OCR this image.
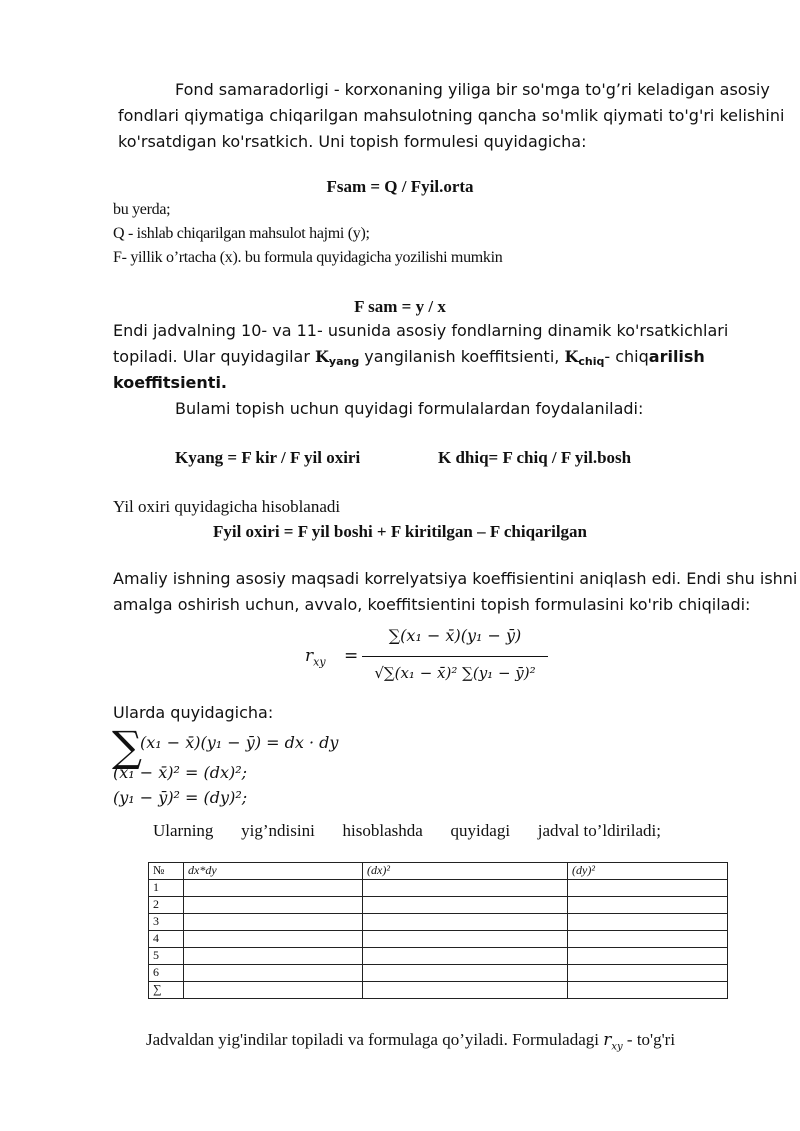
Fond samaradorligi - korxonaning yiliga bir so'mga to'g’ri keladigan asosiy
fondlari qiymatiga chiqarilgan mahsulotning qancha so'mlik qiymati to'g'ri kelishini
ko'rsatdigan ko'rsatkich. Uni topish formulesi quyidagicha:
Fsam = Q / Fyil.orta
bu yerda;
Q - ishlab chiqarilgan mahsulot hajmi (y);
F- yillik o’rtacha (x). bu formula quyidagicha yozilishi mumkin
F sam = y / x
Endi jadvalning 10- va 11- usunida asosiy fondlarning dinamik ko'rsatkichlari
topiladi. Ular quyidagilar $K_{yang}$ yangilanish koeffitsienti, $K_{chiq}-$ chiqarilish
koeffitsienti.
Bulami topish uchun quyidagi formulalardan foydalaniladi:
Kyang = F kir / F yil oxiri	K dhiq= F chiq / F yil.bosh
Yil oxiri quyidagicha hisoblanadi
Fyil oxiri = F yil boshi + F kiritilgan – F chiqarilgan
Amaliy ishning asosiy maqsadi korrelyatsiya koeffisientini aniqlash edi. Endi shu ishni
amalga oshirish uchun, avvalo, koeffitsientini topish formulasini ko'rib chiqiladi:
$r_{xy}$ =
∑(x₁ − x̄)(y₁ − ȳ)
√∑(x₁ − x̄)² ∑(y₁ − ȳ)²
Ularda quyidagicha:
∑
(x₁ − x̄)(y₁ − ȳ) = dx · dy
(x₁ − x̄)² = (dx)²;
(y₁ − ȳ)² = (dy)²;
Ularning yig’ndisini hisoblashda quyidagi jadval to’ldiriladi;
№	dx*dy	(dx)²	(dy)²
1			
2			
3			
4			
5			
6			
∑			
Jadvaldan yig'indilar topiladi va formulaga qo’yiladi. Formuladagi $r_{xy} - to'g'ri$
